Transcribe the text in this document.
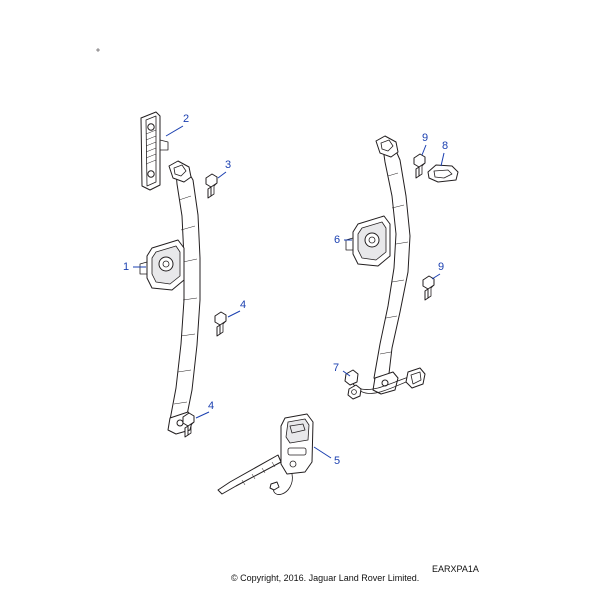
1
2
3
4
4
5
6
7
8
9
9
EARXPA1A
© Copyright, 2016. Jaguar Land Rover Limited.
